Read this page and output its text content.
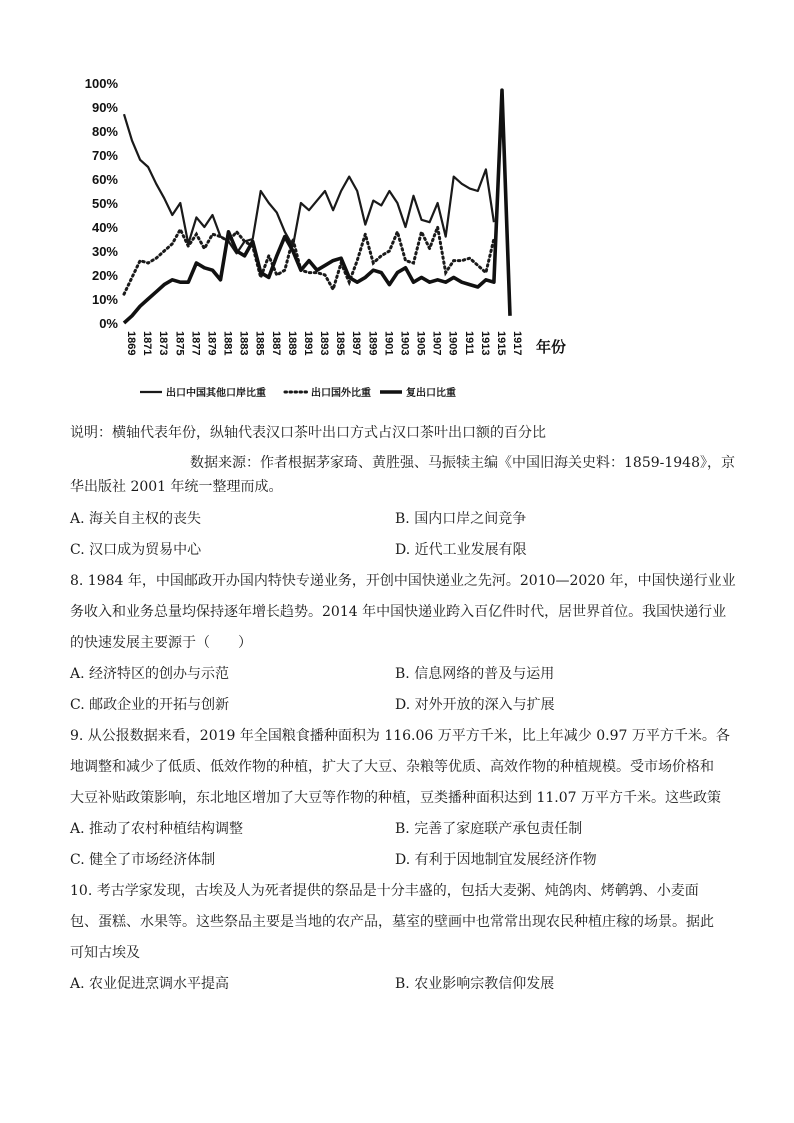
0%
10%
20%
30%
40%
50%
60%
70%
80%
90%
100%
1869 1871 1873 1875 1877 1879 1881 1883 1885 1887 1889 1891 1893 1895 1897 1899 1901 1903 1905 1907 1909 1911 1913 1915 1917 年份
出口中国其他口岸比重	出口国外比重	复出口比重

说明：横轴代表年份，纵轴代表汉口茶叶出口方式占汉口茶叶出口额的百分比

数据来源：作者根据茅家琦、黄胜强、马振犊主编《中国旧海关史料：1859-1948》，京

华出版社 2001 年统一整理而成。

A. 海关自主权的丧失	B. 国内口岸之间竞争
C. 汉口成为贸易中心	D. 近代工业发展有限

8. 1984 年，中国邮政开办国内特快专递业务，开创中国快递业之先河。2010—2020 年，中国快递行业业

务收入和业务总量均保持逐年增长趋势。2014 年中国快递业跨入百亿件时代，居世界首位。我国快递行业

的快速发展主要源于（　　）

A. 经济特区的创办与示范	B. 信息网络的普及与运用
C. 邮政企业的开拓与创新	D. 对外开放的深入与扩展

9. 从公报数据来看，2019 年全国粮食播种面积为 116.06 万平方千米，比上年减少 0.97 万平方千米。各

地调整和减少了低质、低效作物的种植，扩大了大豆、杂粮等优质、高效作物的种植规模。受市场价格和

大豆补贴政策影响，东北地区增加了大豆等作物的种植，豆类播种面积达到 11.07 万平方千米。这些政策

A. 推动了农村种植结构调整	B. 完善了家庭联产承包责任制
C. 健全了市场经济体制	D. 有利于因地制宜发展经济作物

10. 考古学家发现，古埃及人为死者提供的祭品是十分丰盛的，包括大麦粥、炖鸽肉、烤鹌鹑、小麦面

包、蛋糕、水果等。这些祭品主要是当地的农产品，墓室的壁画中也常常出现农民种植庄稼的场景。据此

可知古埃及

A. 农业促进烹调水平提高	B. 农业影响宗教信仰发展
